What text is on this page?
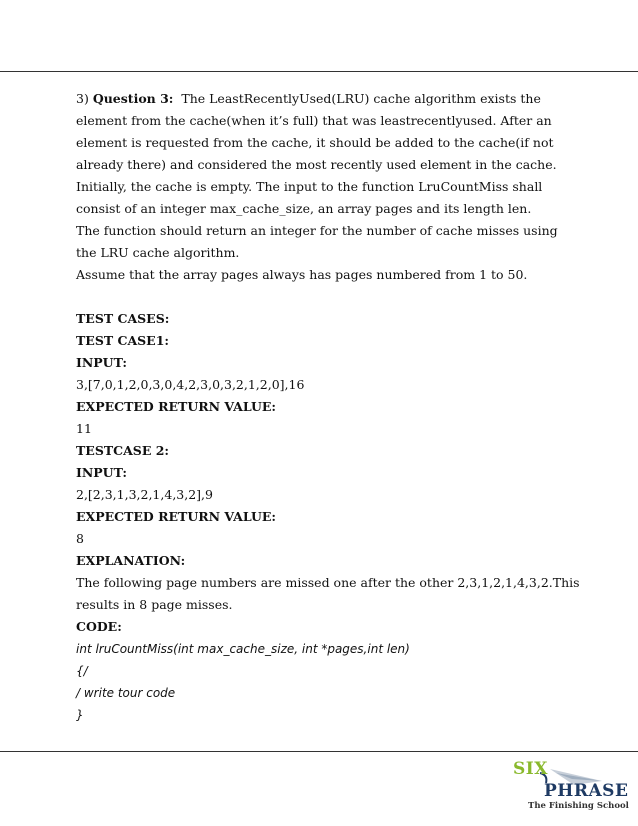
3) Question 3: The LeastRecentlyUsed(LRU) cache algorithm exists the

element from the cache(when it’s full) that was leastrecentlyused. After an

element is requested from the cache, it should be added to the cache(if not

already there) and considered the most recently used element in the cache.

Initially, the cache is empty. The input to the function LruCountMiss shall

consist of an integer max_cache_size, an array pages and its length len.

The function should return an integer for the number of cache misses using

the LRU cache algorithm.

Assume that the array pages always has pages numbered from 1 to 50.

TEST CASES:

TEST CASE1:

INPUT:

3,[7,0,1,2,0,3,0,4,2,3,0,3,2,1,2,0],16

EXPECTED RETURN VALUE:

11

TESTCASE 2:

INPUT:

2,[2,3,1,3,2,1,4,3,2],9

EXPECTED RETURN VALUE:

8

EXPLANATION:

The following page numbers are missed one after the other 2,3,1,2,1,4,3,2.This

results in 8 page misses.

CODE:

int lruCountMiss(int max_cache_size, int *pages,int len)

{/

/ write tour code

}

SIX
PHRASE
The Finishing School
